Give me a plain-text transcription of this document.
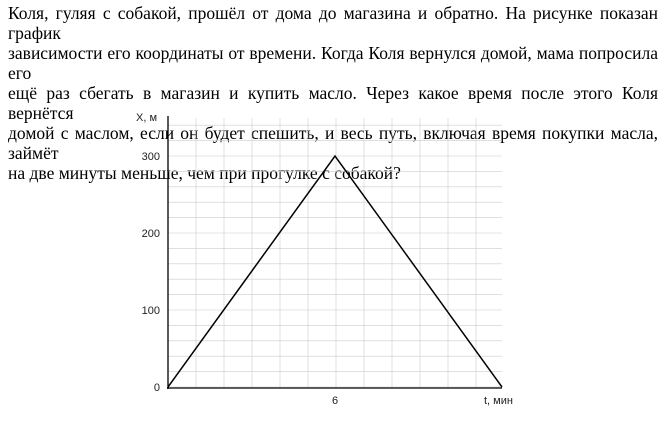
Коля, гуляя с собакой, прошёл от дома до магазина и обратно. На рисунке показан график
зависимости его координаты от времени. Когда Коля вернулся домой, мама попросила его
ещё раз сбегать в магазин и купить масло. Через какое время после этого Коля вернётся
домой с маслом, если он будет спешить, и весь путь, включая время покупки масла, займёт
на две минуты меньше, чем при прогулке с собакой?
X, м
t, мин
0
100
200
300
6
